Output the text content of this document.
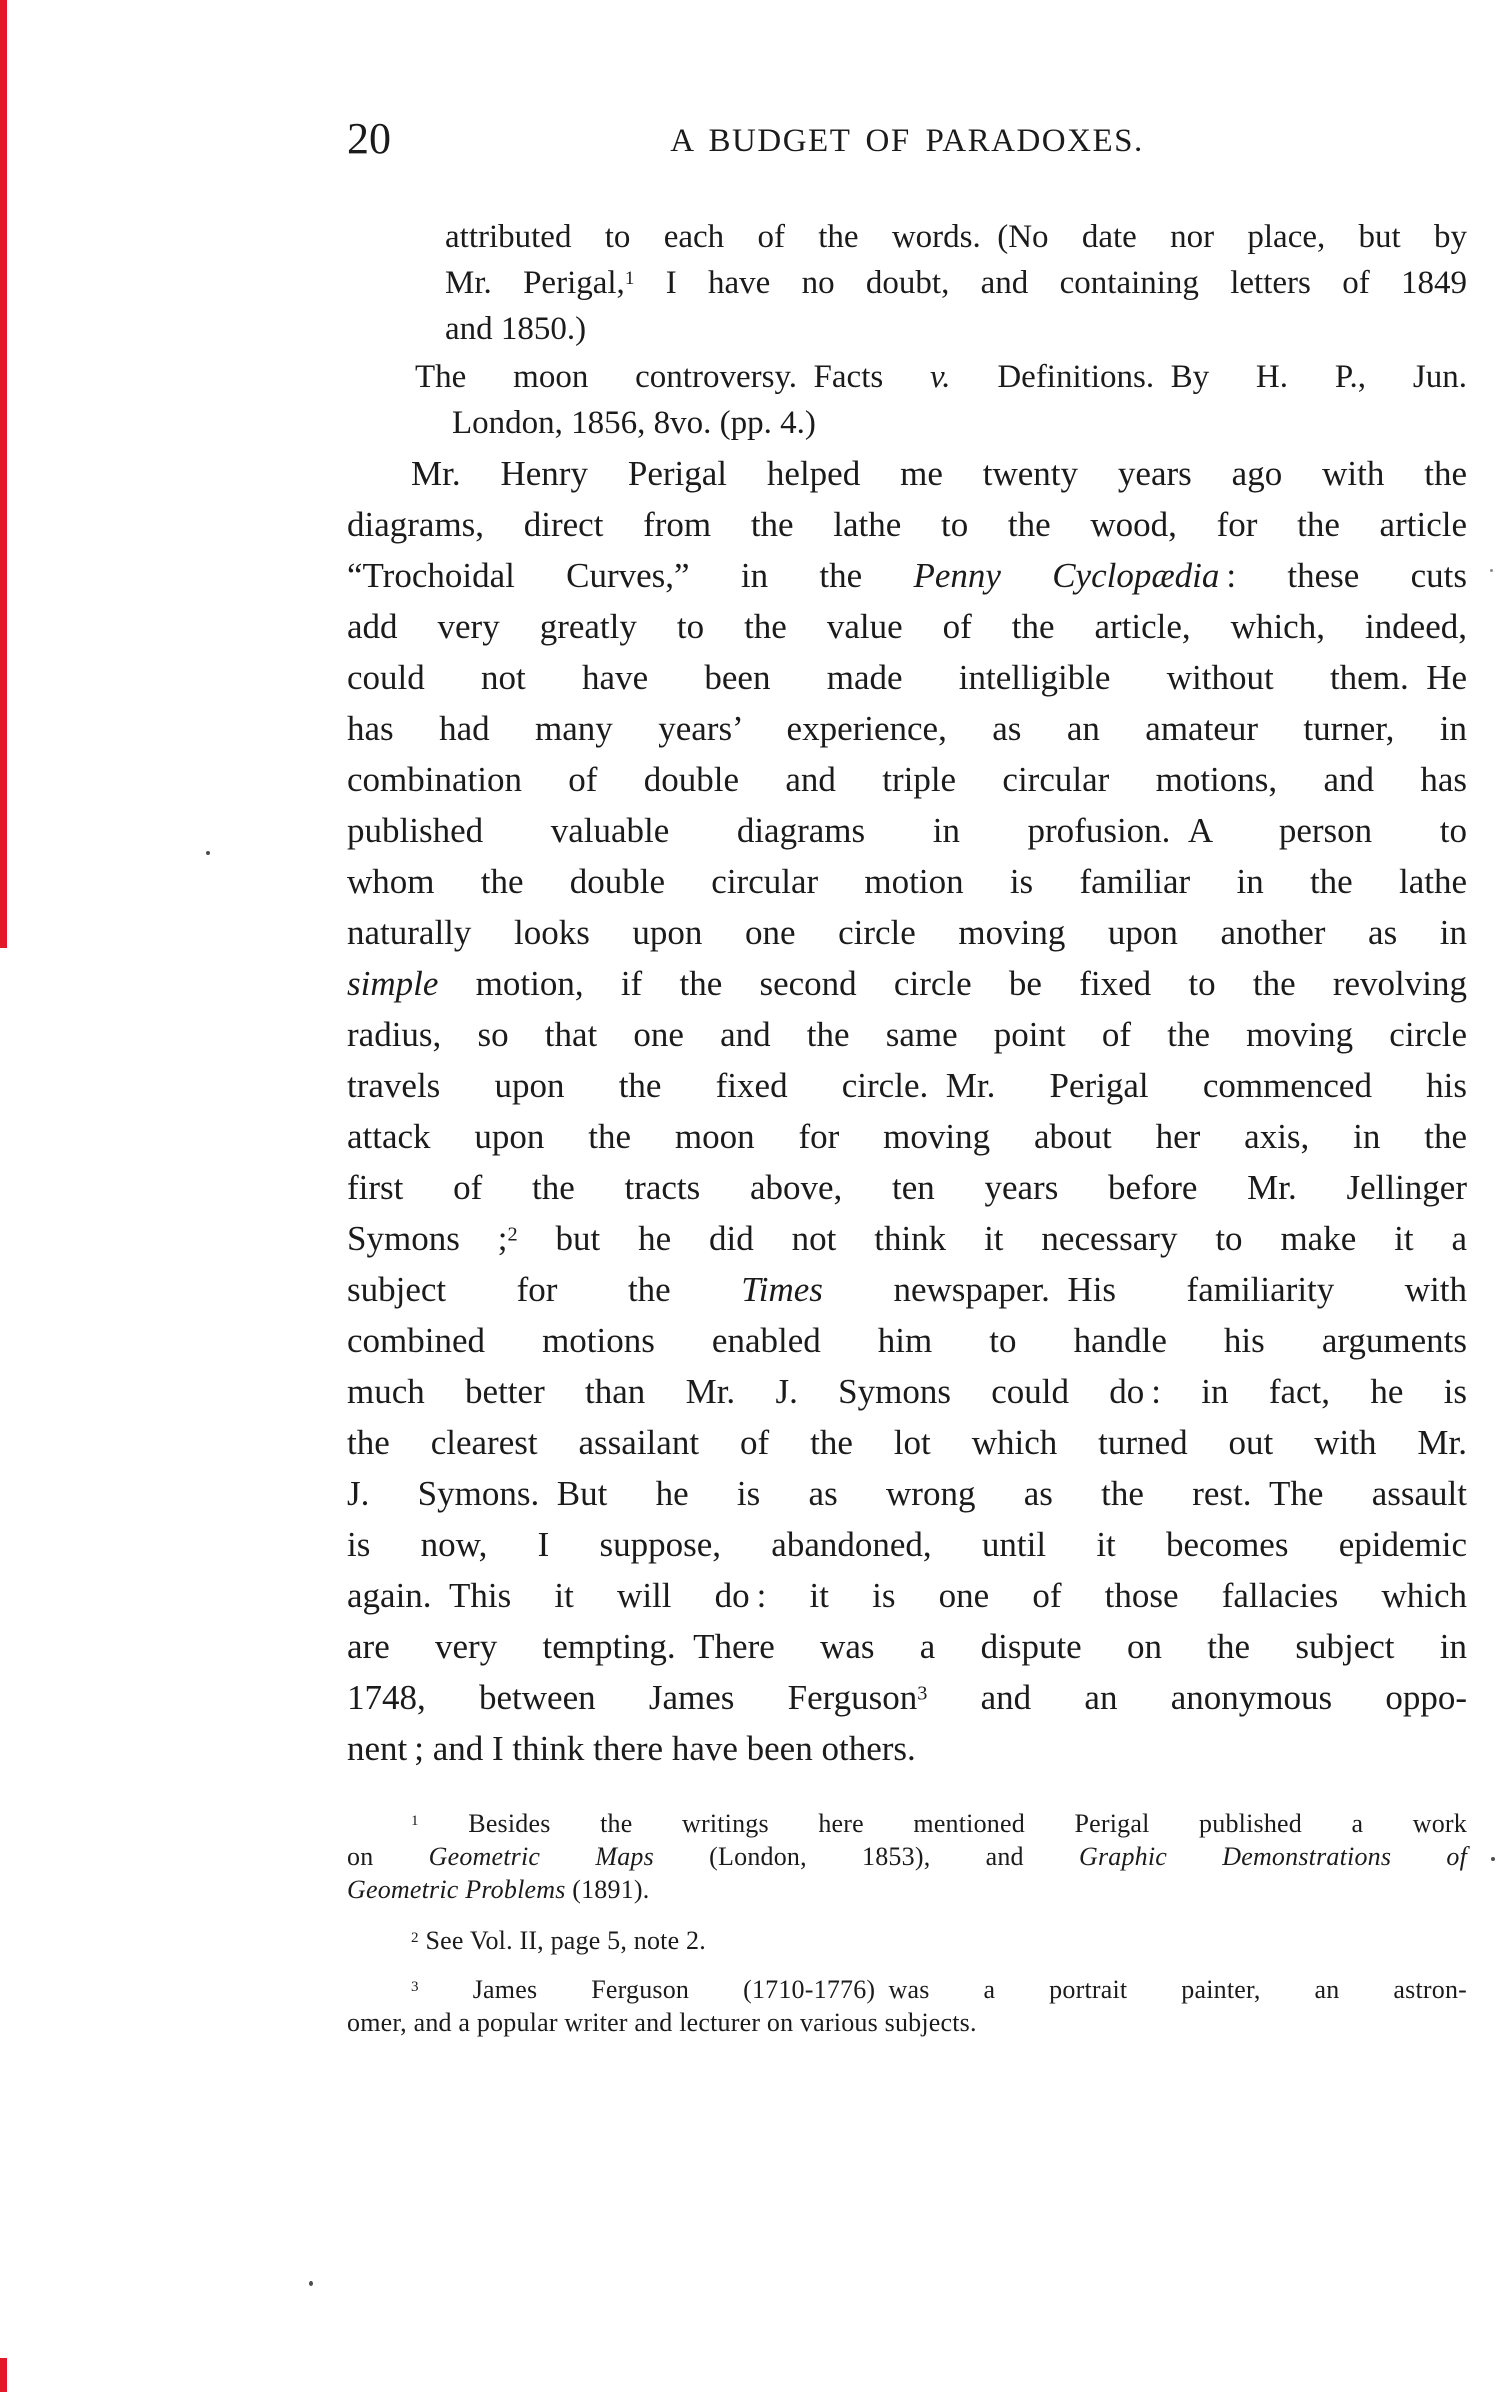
20	A BUDGET OF PARADOXES.
attributed to each of the words. (No date nor place, but by
Mr. Perigal,$^1$ I have no doubt, and containing letters of 1849
and 1850.)
The moon controversy. Facts v. Definitions. By H. P., Jun.
London, 1856, 8vo. (pp. 4.)
Mr. Henry Perigal helped me twenty years ago with the
diagrams, direct from the lathe to the wood, for the article
“Trochoidal Curves,” in the Penny Cyclopædia : these cuts
add very greatly to the value of the article, which, indeed,
could not have been made intelligible without them. He
has had many years’ experience, as an amateur turner, in
combination of double and triple circular motions, and has
published valuable diagrams in profusion. A person to
whom the double circular motion is familiar in the lathe
naturally looks upon one circle moving upon another as in
simple motion, if the second circle be fixed to the revolving
radius, so that one and the same point of the moving circle
travels upon the fixed circle. Mr. Perigal commenced his
attack upon the moon for moving about her axis, in the
first of the tracts above, ten years before Mr. Jellinger
Symons ;$^2$ but he did not think it necessary to make it a
subject for the Times newspaper. His familiarity with
combined motions enabled him to handle his arguments
much better than Mr. J. Symons could do : in fact, he is
the clearest assailant of the lot which turned out with Mr.
J. Symons. But he is as wrong as the rest. The assault
is now, I suppose, abandoned, until it becomes epidemic
again. This it will do : it is one of those fallacies which
are very tempting. There was a dispute on the subject in
1748, between James Ferguson$^3$ and an anonymous oppo-
nent ; and I think there have been others.
$^1$ Besides the writings here mentioned Perigal published a work
on Geometric Maps (London, 1853), and Graphic Demonstrations of
Geometric Problems (1891).
$^2$ See Vol. II, page 5, note 2.
$^3$ James Ferguson (1710-1776) was a portrait painter, an astron-
omer, and a popular writer and lecturer on various subjects.
